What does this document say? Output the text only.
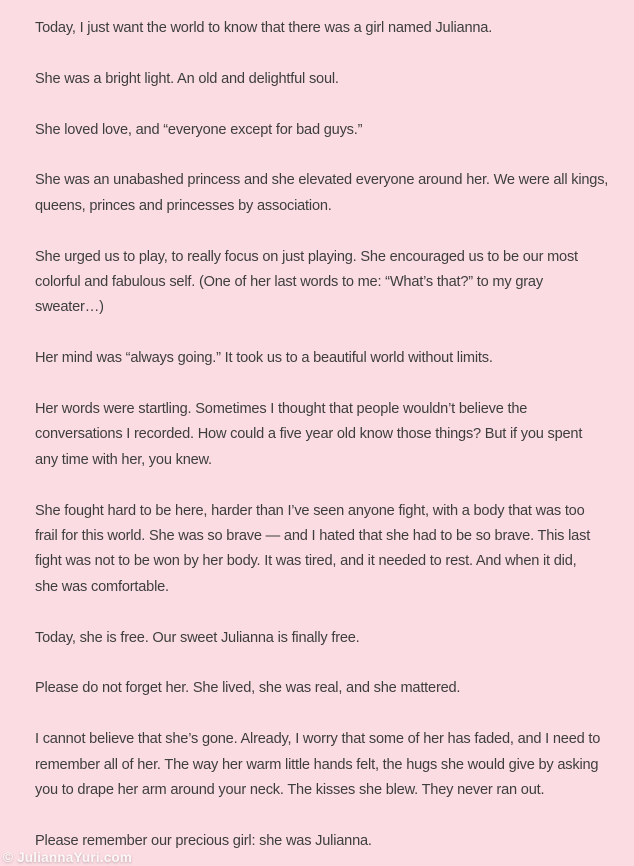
Today, I just want the world to know that there was a girl named Julianna.
She was a bright light. An old and delightful soul.
She loved love, and “everyone except for bad guys.”
She was an unabashed princess and she elevated everyone around her. We were all kings,
queens, princes and princesses by association.
She urged us to play, to really focus on just playing. She encouraged us to be our most
colorful and fabulous self. (One of her last words to me: “What’s that?” to my gray
sweater…)
Her mind was “always going.” It took us to a beautiful world without limits.
Her words were startling. Sometimes I thought that people wouldn’t believe the
conversations I recorded. How could a five year old know those things? But if you spent
any time with her, you knew.
She fought hard to be here, harder than I’ve seen anyone fight, with a body that was too
frail for this world. She was so brave — and I hated that she had to be so brave. This last
fight was not to be won by her body. It was tired, and it needed to rest. And when it did,
she was comfortable.
Today, she is free. Our sweet Julianna is finally free.
Please do not forget her. She lived, she was real, and she mattered.
I cannot believe that she’s gone. Already, I worry that some of her has faded, and I need to
remember all of her. The way her warm little hands felt, the hugs she would give by asking
you to drape her arm around your neck. The kisses she blew. They never ran out.
Please remember our precious girl: she was Julianna.
© JuliannaYuri.com
